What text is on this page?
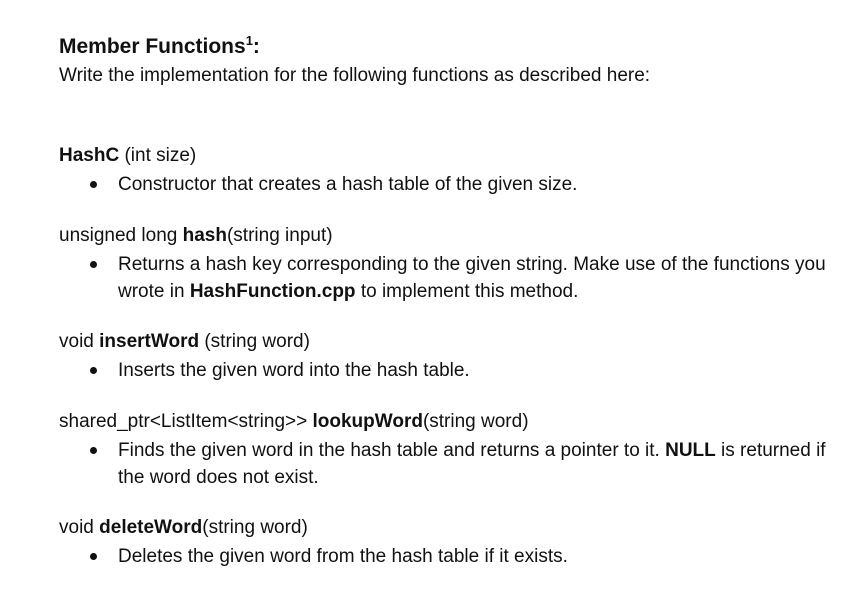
Member Functions$^1$:
Write the implementation for the following functions as described here:
HashC (int size)
Constructor that creates a hash table of the given size.
unsigned long hash(string input)
Returns a hash key corresponding to the given string. Make use of the functions you wrote in HashFunction.cpp to implement this method.
void insertWord (string word)
Inserts the given word into the hash table.
shared_ptr<ListItem<string>> lookupWord(string word)
Finds the given word in the hash table and returns a pointer to it. NULL is returned if the word does not exist.
void deleteWord(string word)
Deletes the given word from the hash table if it exists.
